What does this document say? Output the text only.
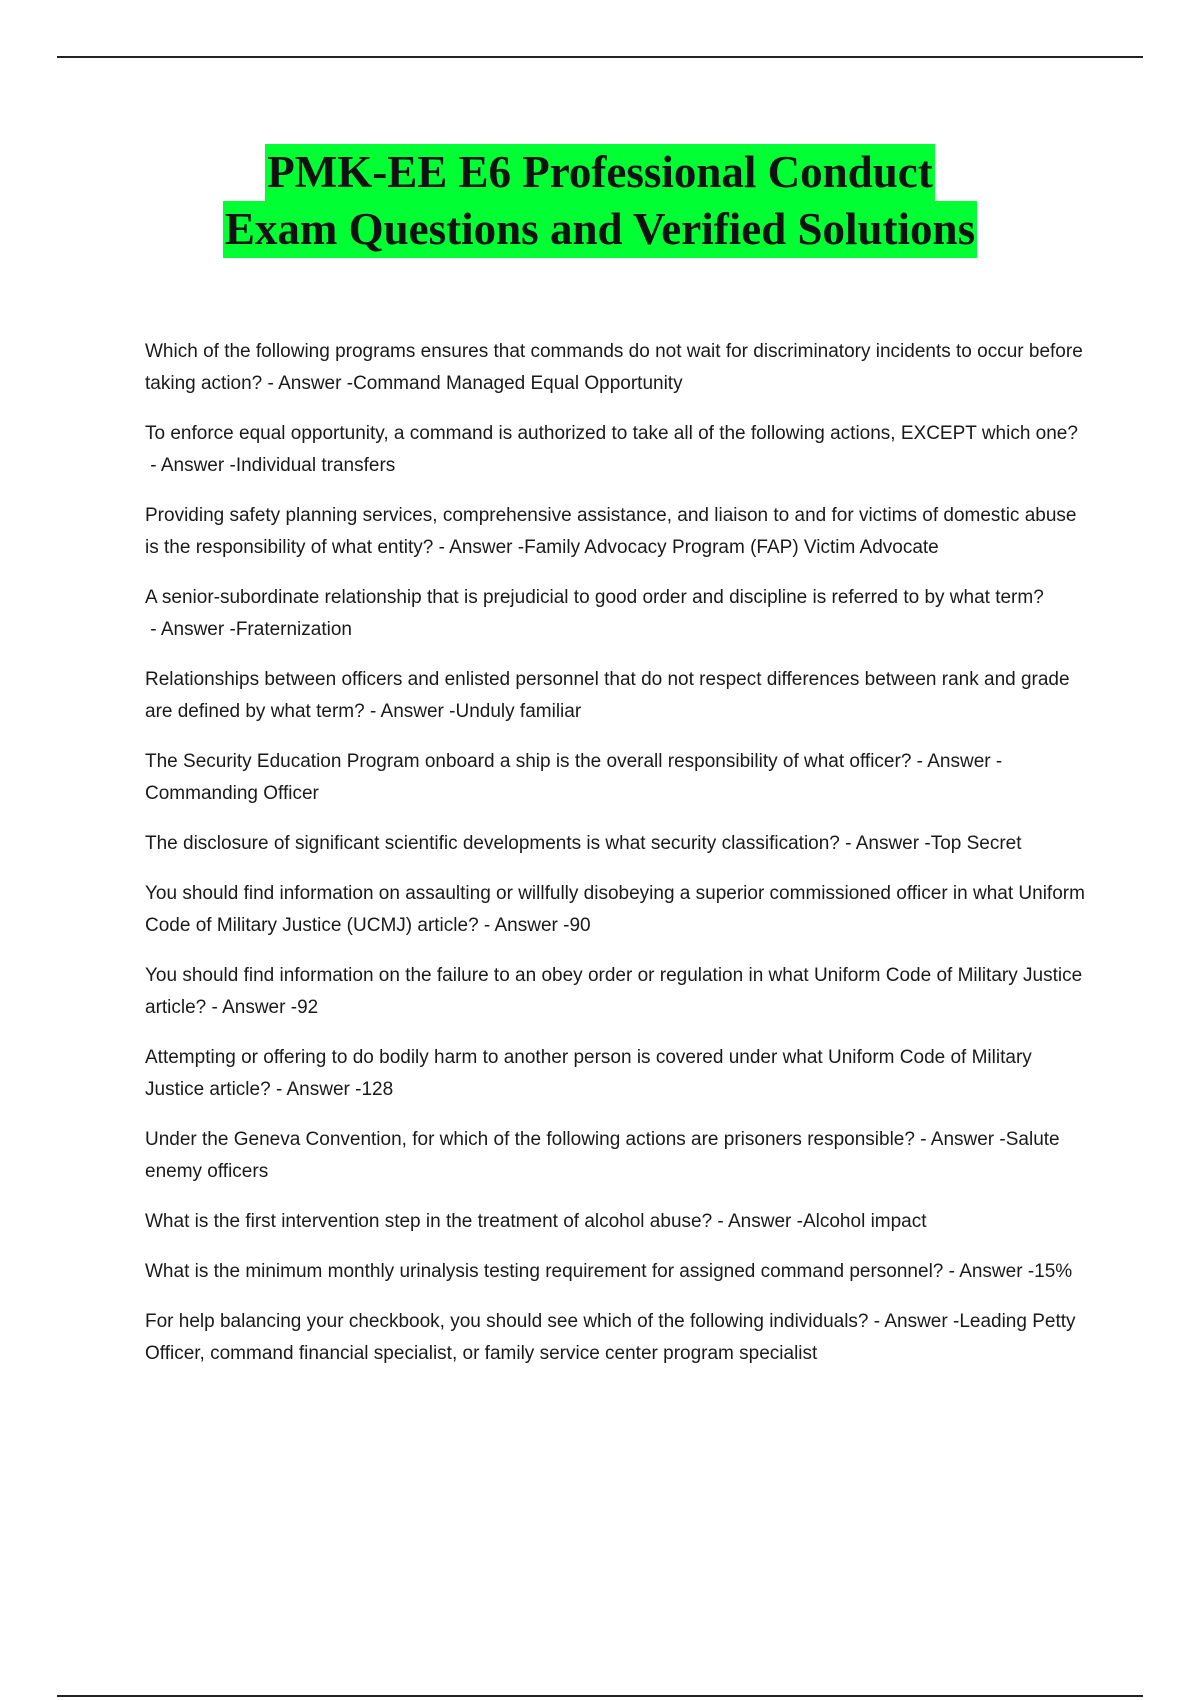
PMK-EE E6 Professional Conduct
Exam Questions and Verified Solutions

Which of the following programs ensures that commands do not wait for discriminatory incidents to occur before taking action? - Answer -Command Managed Equal Opportunity

To enforce equal opportunity, a command is authorized to take all of the following actions, EXCEPT which one? - Answer -Individual transfers

Providing safety planning services, comprehensive assistance, and liaison to and for victims of domestic abuse is the responsibility of what entity? - Answer -Family Advocacy Program (FAP) Victim Advocate

A senior-subordinate relationship that is prejudicial to good order and discipline is referred to by what term? - Answer -Fraternization

Relationships between officers and enlisted personnel that do not respect differences between rank and grade are defined by what term? - Answer -Unduly familiar

The Security Education Program onboard a ship is the overall responsibility of what officer? - Answer -Commanding Officer

The disclosure of significant scientific developments is what security classification? - Answer -Top Secret

You should find information on assaulting or willfully disobeying a superior commissioned officer in what Uniform Code of Military Justice (UCMJ) article? - Answer -90

You should find information on the failure to an obey order or regulation in what Uniform Code of Military Justice article? - Answer -92

Attempting or offering to do bodily harm to another person is covered under what Uniform Code of Military Justice article? - Answer -128

Under the Geneva Convention, for which of the following actions are prisoners responsible? - Answer -Salute enemy officers

What is the first intervention step in the treatment of alcohol abuse? - Answer -Alcohol impact

What is the minimum monthly urinalysis testing requirement for assigned command personnel? - Answer -15%

For help balancing your checkbook, you should see which of the following individuals? - Answer -Leading Petty Officer, command financial specialist, or family service center program specialist
